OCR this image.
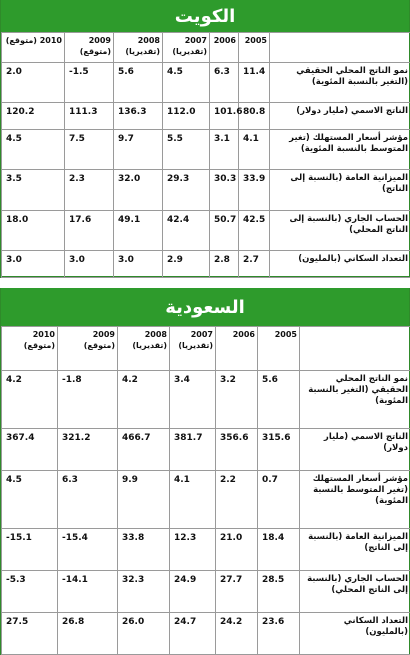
الكويت
2010 (متوقع)	2009 (متوقع)	2008 (تقديريا)	2007 (تقديريا)	2006	2005	
2.0	-1.5	5.6	4.5	6.3	11.4	نمو الناتج المحلي الحقيقي (التغير بالنسبة المئوية)
120.2	111.3	136.3	112.0	101.6	80.8	الناتج الاسمي (مليار دولار)
4.5	7.5	9.7	5.5	3.1	4.1	مؤشر أسعار المستهلك (تغير المتوسط بالنسبة المئوية)
3.5	2.3	32.0	29.3	30.3	33.9	الميزانية العامة (بالنسبة إلى الناتج)
18.0	17.6	49.1	42.4	50.7	42.5	الحساب الجاري (بالنسبة إلى الناتج المحلي)
3.0	3.0	3.0	2.9	2.8	2.7	التعداد السكاني (بالمليون)
السعودية
2010 (متوقع)	2009 (متوقع)	2008 (تقديريا)	2007 (تقديريا)	2006	2005	
4.2	-1.8	4.2	3.4	3.2	5.6	نمو الناتج المحلي الحقيقي (التغير بالنسبة المئوية)
367.4	321.2	466.7	381.7	356.6	315.6	الناتج الاسمي (مليار دولار)
4.5	6.3	9.9	4.1	2.2	0.7	مؤشر أسعار المستهلك (تغير المتوسط بالنسبة المئوية)
-15.1	-15.4	33.8	12.3	21.0	18.4	الميزانية العامة (بالنسبة إلى الناتج)
-5.3	-14.1	32.3	24.9	27.7	28.5	الحساب الجاري (بالنسبة إلى الناتج المحلي)
27.5	26.8	26.0	24.7	24.2	23.6	التعداد السكاني (بالمليون)
